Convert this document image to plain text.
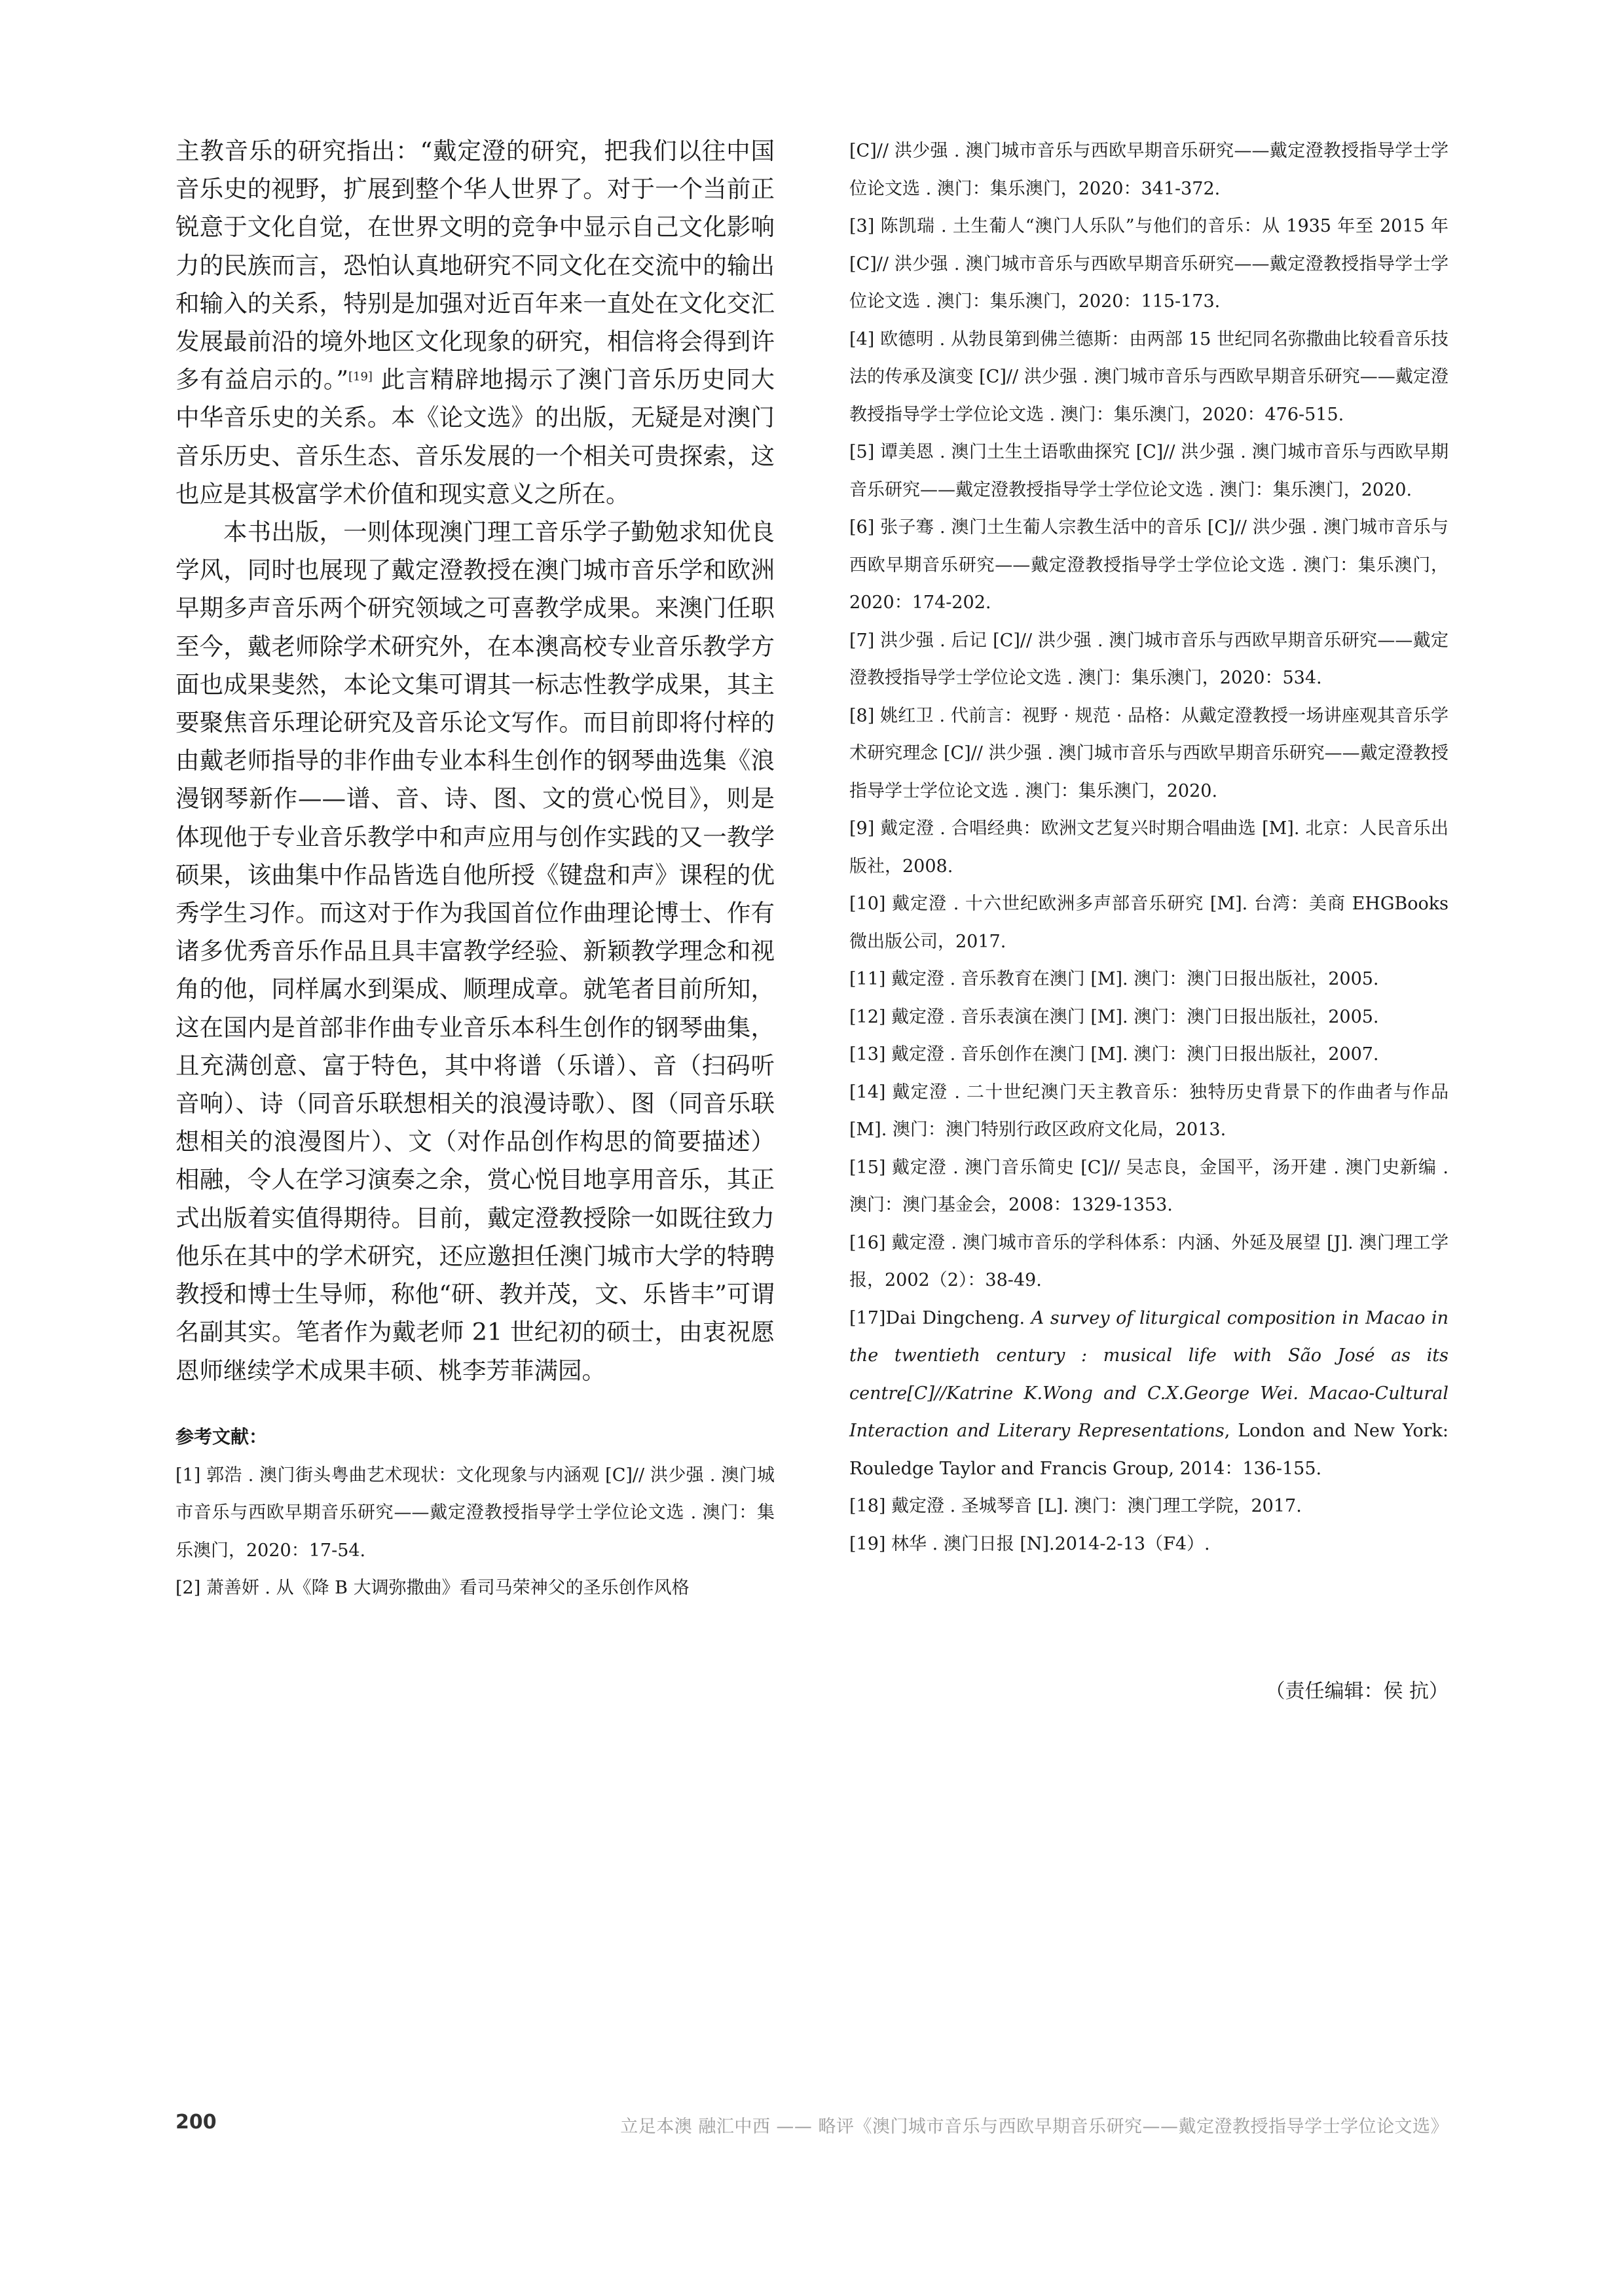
主教音乐的研究指出：“戴定澄的研究，把我们以往中国音乐史的视野，扩展到整个华人世界了。对于一个当前正锐意于文化自觉，在世界文明的竞争中显示自己文化影响力的民族而言，恐怕认真地研究不同文化在交流中的输出和输入的关系，特别是加强对近百年来一直处在文化交汇发展最前沿的境外地区文化现象的研究，相信将会得到许多有益启示的。”[19] 此言精辟地揭示了澳门音乐历史同大中华音乐史的关系。本《论文选》的出版，无疑是对澳门音乐历史、音乐生态、音乐发展的一个相关可贵探索，这也应是其极富学术价值和现实意义之所在。

本书出版，一则体现澳门理工音乐学子勤勉求知优良学风，同时也展现了戴定澄教授在澳门城市音乐学和欧洲早期多声音乐两个研究领域之可喜教学成果。来澳门任职至今，戴老师除学术研究外，在本澳高校专业音乐教学方面也成果斐然，本论文集可谓其一标志性教学成果，其主要聚焦音乐理论研究及音乐论文写作。而目前即将付梓的由戴老师指导的非作曲专业本科生创作的钢琴曲选集《浪漫钢琴新作——谱、音、诗、图、文的赏心悦目》，则是体现他于专业音乐教学中和声应用与创作实践的又一教学硕果，该曲集中作品皆选自他所授《键盘和声》课程的优秀学生习作。而这对于作为我国首位作曲理论博士、作有诸多优秀音乐作品且具丰富教学经验、新颖教学理念和视角的他，同样属水到渠成、顺理成章。就笔者目前所知，这在国内是首部非作曲专业音乐本科生创作的钢琴曲集，且充满创意、富于特色，其中将谱（乐谱）、音（扫码听音响）、诗（同音乐联想相关的浪漫诗歌）、图（同音乐联想相关的浪漫图片）、文（对作品创作构思的简要描述）相融，令人在学习演奏之余，赏心悦目地享用音乐，其正式出版着实值得期待。目前，戴定澄教授除一如既往致力他乐在其中的学术研究，还应邀担任澳门城市大学的特聘教授和博士生导师，称他“研、教并茂，文、乐皆丰”可谓名副其实。笔者作为戴老师 21 世纪初的硕士，由衷祝愿恩师继续学术成果丰硕、桃李芳菲满园。

参考文献：

[1] 郭浩 . 澳门街头粤曲艺术现状：文化现象与内涵观 [C]// 洪少强 . 澳门城市音乐与西欧早期音乐研究——戴定澄教授指导学士学位论文选 . 澳门：集乐澳门，2020：17-54.

[2] 萧善妍 . 从《降 B 大调弥撒曲》看司马荣神父的圣乐创作风格

[C]// 洪少强 . 澳门城市音乐与西欧早期音乐研究——戴定澄教授指导学士学位论文选 . 澳门：集乐澳门，2020：341-372.

[3] 陈凯瑞 . 土生葡人“澳门人乐队”与他们的音乐：从 1935 年至 2015 年 [C]// 洪少强 . 澳门城市音乐与西欧早期音乐研究——戴定澄教授指导学士学位论文选 . 澳门：集乐澳门，2020：115-173.

[4] 欧德明 . 从勃艮第到佛兰德斯：由两部 15 世纪同名弥撒曲比较看音乐技法的传承及演变 [C]// 洪少强 . 澳门城市音乐与西欧早期音乐研究——戴定澄教授指导学士学位论文选 . 澳门：集乐澳门，2020：476-515.

[5] 谭美恩 . 澳门土生土语歌曲探究 [C]// 洪少强 . 澳门城市音乐与西欧早期音乐研究——戴定澄教授指导学士学位论文选 . 澳门：集乐澳门，2020.

[6] 张子骞 . 澳门土生葡人宗教生活中的音乐 [C]// 洪少强 . 澳门城市音乐与西欧早期音乐研究——戴定澄教授指导学士学位论文选 . 澳门：集乐澳门，2020：174-202.

[7] 洪少强 . 后记 [C]// 洪少强 . 澳门城市音乐与西欧早期音乐研究——戴定澄教授指导学士学位论文选 . 澳门：集乐澳门，2020：534.

[8] 姚红卫 . 代前言：视野 · 规范 · 品格：从戴定澄教授一场讲座观其音乐学术研究理念 [C]// 洪少强 . 澳门城市音乐与西欧早期音乐研究——戴定澄教授指导学士学位论文选 . 澳门：集乐澳门，2020.

[9] 戴定澄 . 合唱经典：欧洲文艺复兴时期合唱曲选 [M]. 北京：人民音乐出版社，2008.

[10] 戴定澄 . 十六世纪欧洲多声部音乐研究 [M]. 台湾：美商 EHGBooks 微出版公司，2017.

[11] 戴定澄 . 音乐教育在澳门 [M]. 澳门：澳门日报出版社，2005.

[12] 戴定澄 . 音乐表演在澳门 [M]. 澳门：澳门日报出版社，2005.

[13] 戴定澄 . 音乐创作在澳门 [M]. 澳门：澳门日报出版社，2007.

[14] 戴定澄 . 二十世纪澳门天主教音乐：独特历史背景下的作曲者与作品 [M]. 澳门：澳门特别行政区政府文化局，2013.

[15] 戴定澄 . 澳门音乐简史 [C]// 吴志良，金国平，汤开建 . 澳门史新编 . 澳门：澳门基金会，2008：1329-1353.

[16] 戴定澄 . 澳门城市音乐的学科体系：内涵、外延及展望 [J]. 澳门理工学报，2002（2）：38-49.

[17]Dai Dingcheng. A survey of liturgical composition in Macao in the twentieth century : musical life with São José as its centre[C]//Katrine K.Wong and C.X.George Wei. Macao-Cultural Interaction and Literary Representations, London and New York: Rouledge Taylor and Francis Group, 2014：136-155.

[18] 戴定澄 . 圣城琴音 [L]. 澳门：澳门理工学院，2017.

[19] 林华 . 澳门日报 [N].2014-2-13（F4）.

（责任编辑：侯 抗）
200	立足本澳 融汇中西 —— 略评《澳门城市音乐与西欧早期音乐研究——戴定澄教授指导学士学位论文选》
